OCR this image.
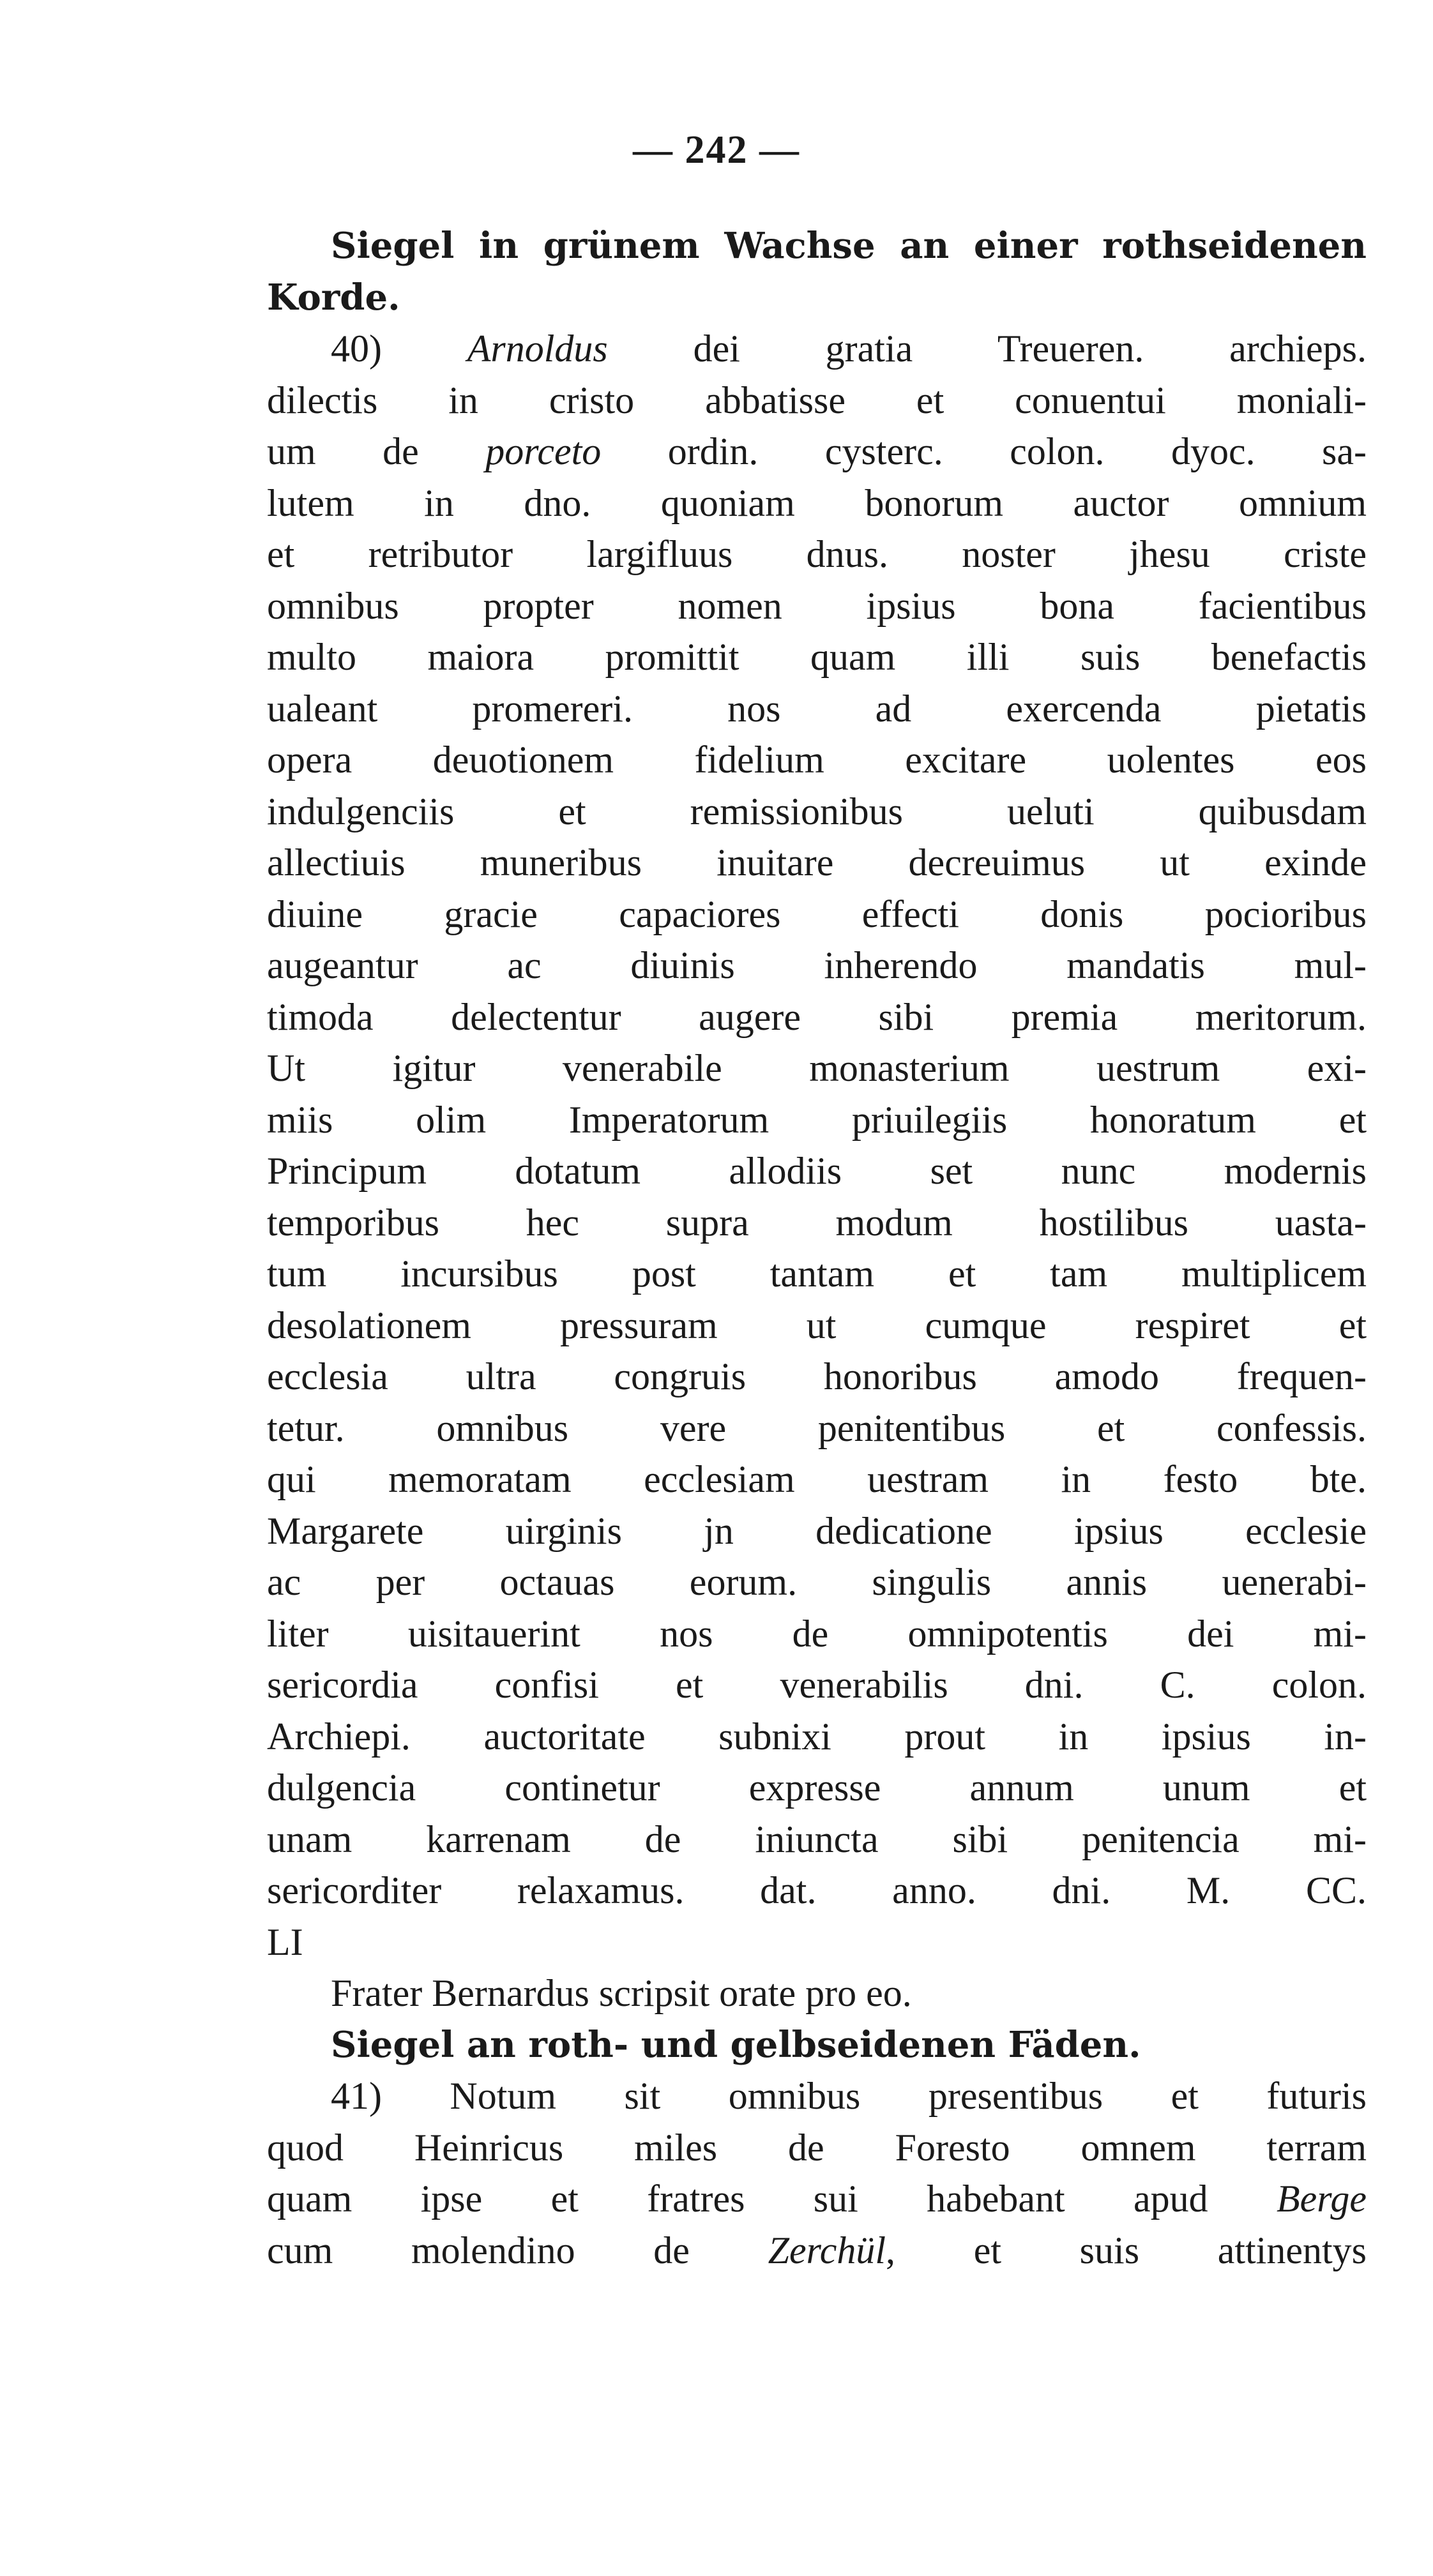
— 242 —
Siegel in grünem Wachse an einer rothseidenen
Korde.
40) Arnoldus dei gratia Treueren. archieps.
dilectis in cristo abbatisse et conuentui moniali-
um de porceto ordin. cysterc. colon. dyoc. sa-
lutem in dno. quoniam bonorum auctor omnium
et retributor largifluus dnus. noster jhesu criste
omnibus propter nomen ipsius bona facientibus
multo maiora promittit quam illi suis benefactis
ualeant promereri. nos ad exercenda pietatis
opera deuotionem fidelium excitare uolentes eos
indulgenciis et remissionibus ueluti quibusdam
allectiuis muneribus inuitare decreuimus ut exinde
diuine gracie capaciores effecti donis pocioribus
augeantur ac diuinis inherendo mandatis mul-
timoda delectentur augere sibi premia meritorum.
Ut igitur venerabile monasterium uestrum exi-
miis olim Imperatorum priuilegiis honoratum et
Principum dotatum allodiis set nunc modernis
temporibus hec supra modum hostilibus uasta-
tum incursibus post tantam et tam multiplicem
desolationem pressuram ut cumque respiret et
ecclesia ultra congruis honoribus amodo frequen-
tetur. omnibus vere penitentibus et confessis.
qui memoratam ecclesiam uestram in festo bte.
Margarete uirginis jn dedicatione ipsius ecclesie
ac per octauas eorum. singulis annis uenerabi-
liter uisitauerint nos de omnipotentis dei mi-
sericordia confisi et venerabilis dni. C. colon.
Archiepi. auctoritate subnixi prout in ipsius in-
dulgencia continetur expresse annum unum et
unam karrenam de iniuncta sibi penitencia mi-
sericorditer relaxamus. dat. anno. dni. M. CC.
LI
Frater Bernardus scripsit orate pro eo.
Siegel an roth- und gelbseidenen Fäden.
41) Notum sit omnibus presentibus et futuris
quod Heinricus miles de Foresto omnem terram
quam ipse et fratres sui habebant apud Berge
cum molendino de Zerchül, et suis attinentys
